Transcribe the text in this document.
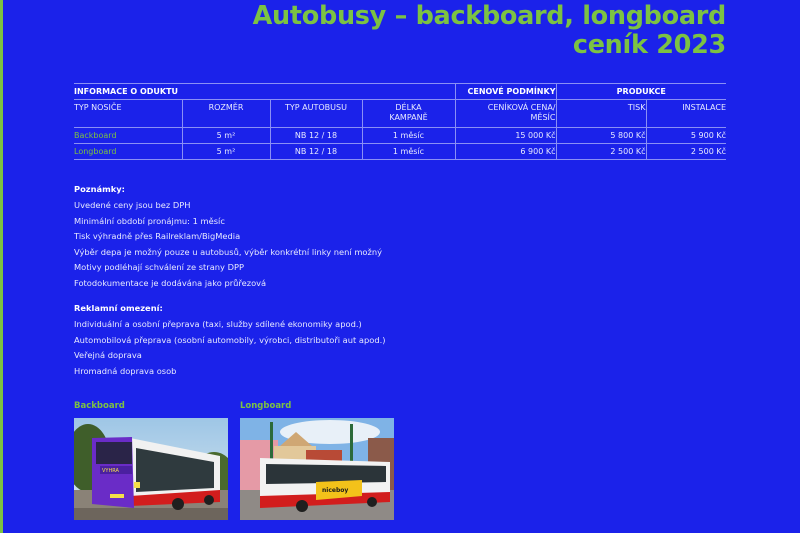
Autobusy – backboard, longboard
ceník 2023
INFORMACE O ODUKTU				CENOVÉ PODMÍNKY	PRODUKCE	
TYP NOSIČE	ROZMĚR	TYP AUTOBUSU	DÉLKA KAMPANĚ	CENÍKOVÁ CENA/ MĚSÍC	TISK	INSTALACE
Backboard	5 m²	NB 12 / 18	1 měsíc	15 000 Kč	5 800 Kč	5 900 Kč
Longboard	5 m²	NB 12 / 18	1 měsíc	6 900 Kč	2 500 Kč	2 500 Kč
Poznámky:
Uvedené ceny jsou bez DPH
Minimální období pronájmu: 1 měsíc
Tisk výhradně přes Railreklam/BigMedia
Výběr depa je možný pouze u autobusů, výběr konkrétní linky není možný
Motivy podléhají schválení ze strany DPP
Fotodokumentace je dodávána jako průřezová
Reklamní omezení:
Individuální a osobní přeprava (taxi, služby sdílené ekonomiky apod.)
Automobilová přeprava (osobní automobily, výrobci, distributoři aut apod.)
Veřejná doprava
Hromadná doprava osob
Backboard	Longboard
VYHRA
niceboy
